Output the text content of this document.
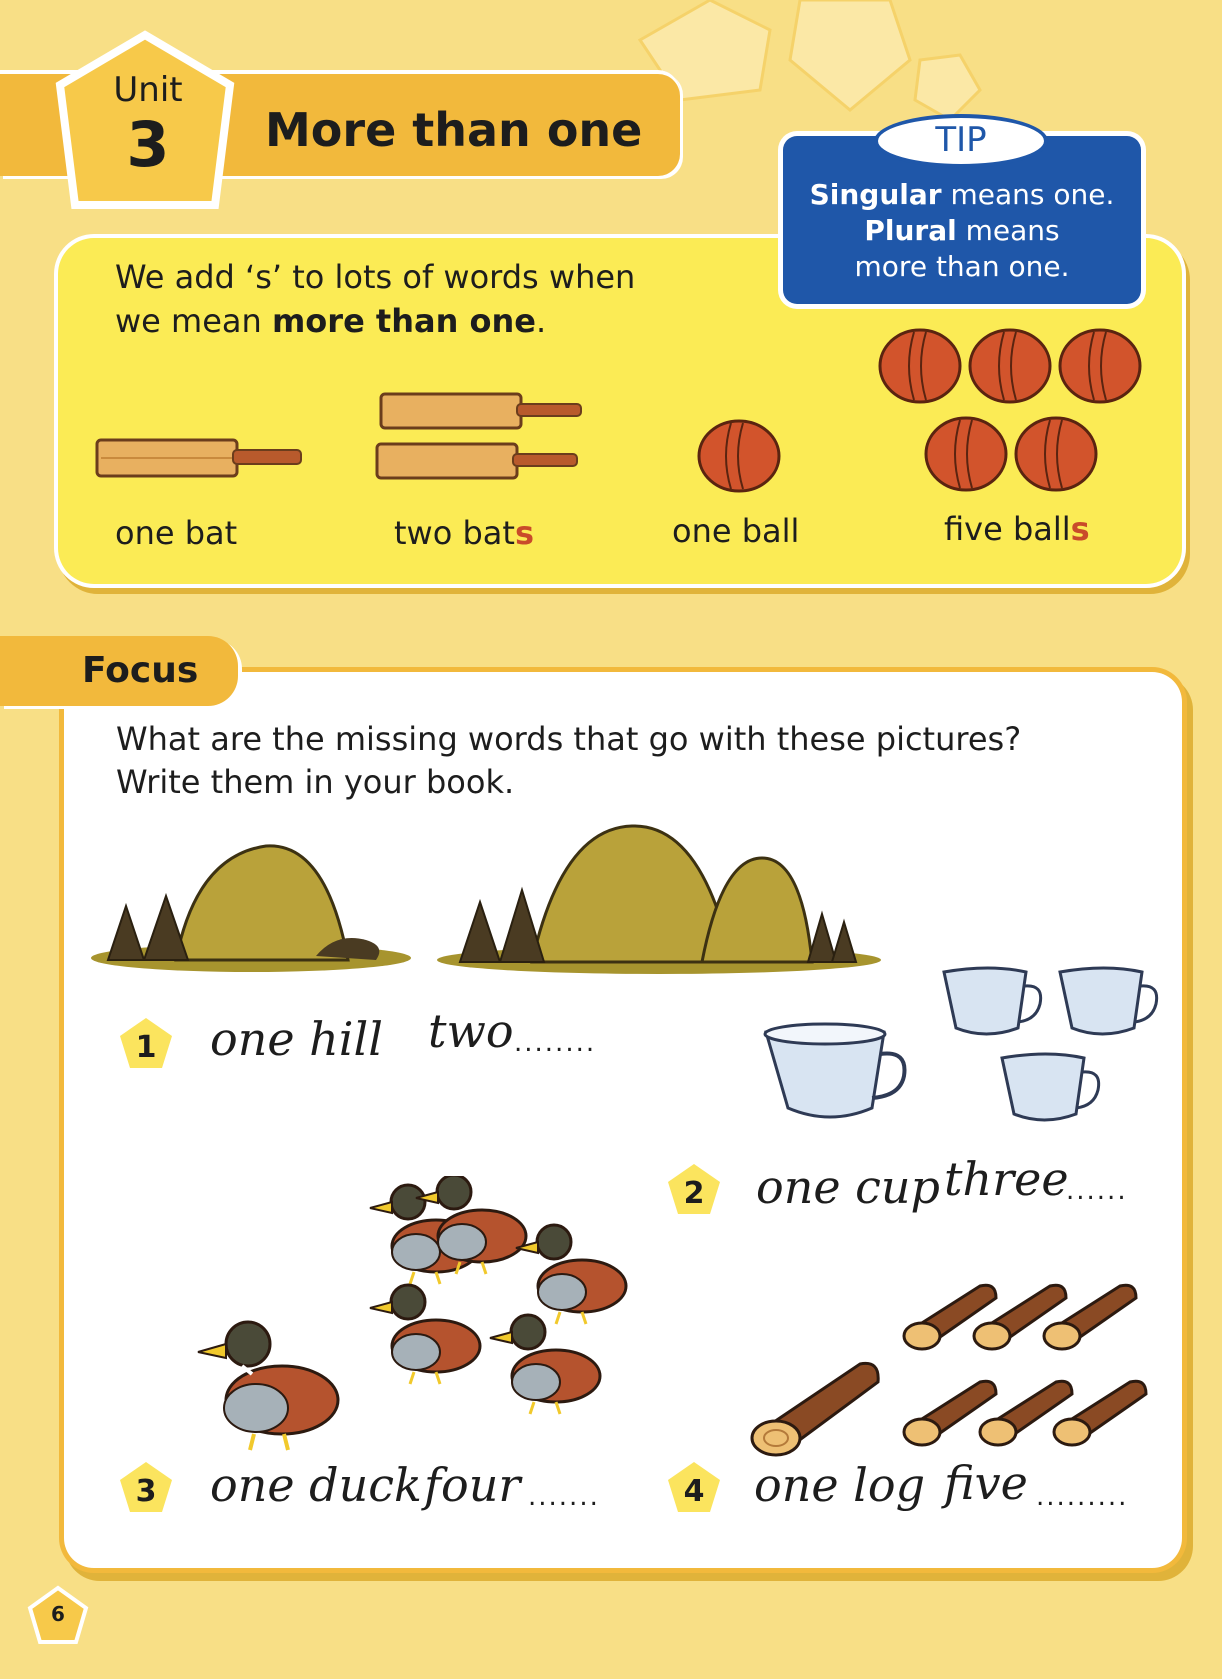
Unit
3	More than one
We add ‘s’ to lots of words when
we mean more than one.
one bat	two bats	one ball	five balls
TIP
Singular means one.
Plural means
more than one.
Focus
What are the missing words that go with these pictures?
Write them in your book.
1	one hill two ........
2	one cup three
......
3	one duck four .......	4	one log five .........
6
